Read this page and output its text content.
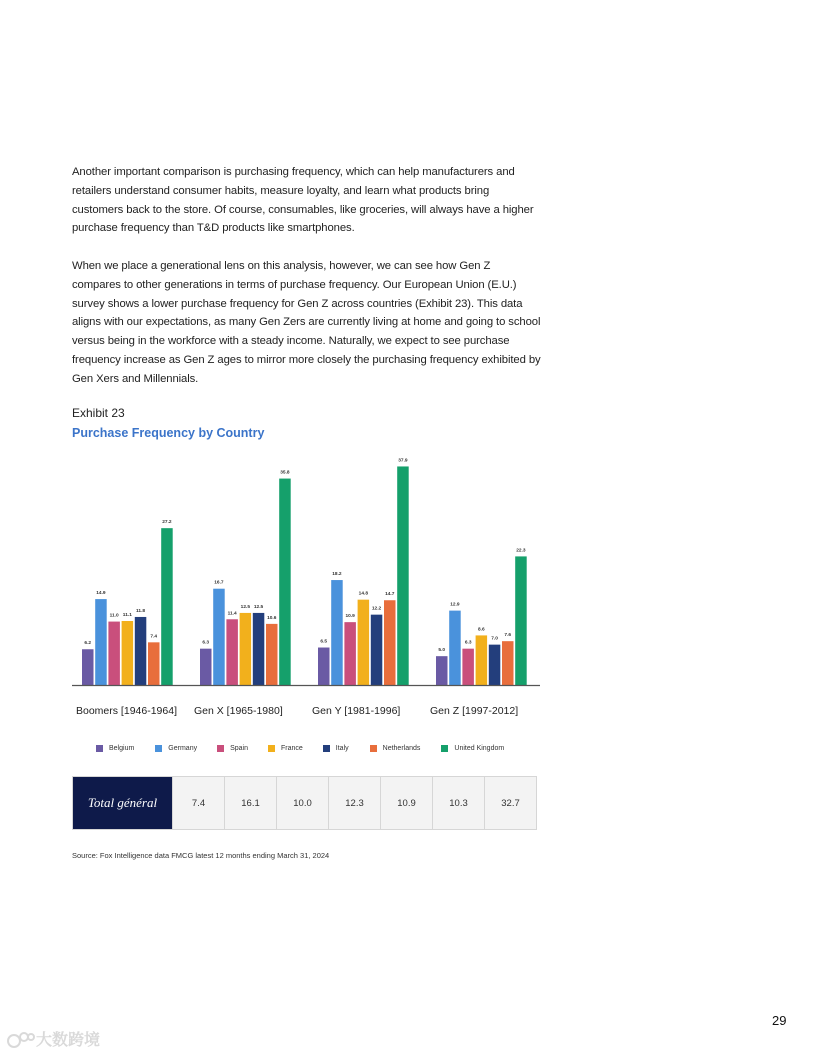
Another important comparison is purchasing frequency, which can help manufacturers and retailers understand consumer habits, measure loyalty, and learn what products bring customers back to the store. Of course, consumables, like groceries, will always have a higher purchase frequency than T&D products like smartphones.

When we place a generational lens on this analysis, however, we can see how Gen Z compares to other generations in terms of purchase frequency. Our European Union (E.U.) survey shows a lower purchase frequency for Gen Z across countries (Exhibit 23). This data aligns with our expectations, as many Gen Zers are currently living at home and going to school versus being in the workforce with a steady income. Naturally, we expect to see purchase frequency increase as Gen Z ages to mirror more closely the purchasing frequency exhibited by Gen Xers and Millennials.

Exhibit 23
Purchase Frequency by Country
6.2
14.9
11.0 11.1
11.8
7.4
27.2
Boomers [1946-1964]
6.3
16.7
11.4
12.5 12.5
10.6
35.8
Gen X [1965-1980]
6.5
18.2
10.9
14.8
12.2
14.7
37.9
Gen Y [1981-1996]
5.0
12.9
6.3
8.6
7.0
7.6
22.3
Gen Z [1997-2012]
Belgium	Germany	Spain	France	Italy	Netherlands	United Kingdom
Total général	7.4	16.1	10.0	12.3	10.9	10.3	32.7
Source: Fox Intelligence data FMCG latest 12 months ending March 31, 2024
29
大数跨境
